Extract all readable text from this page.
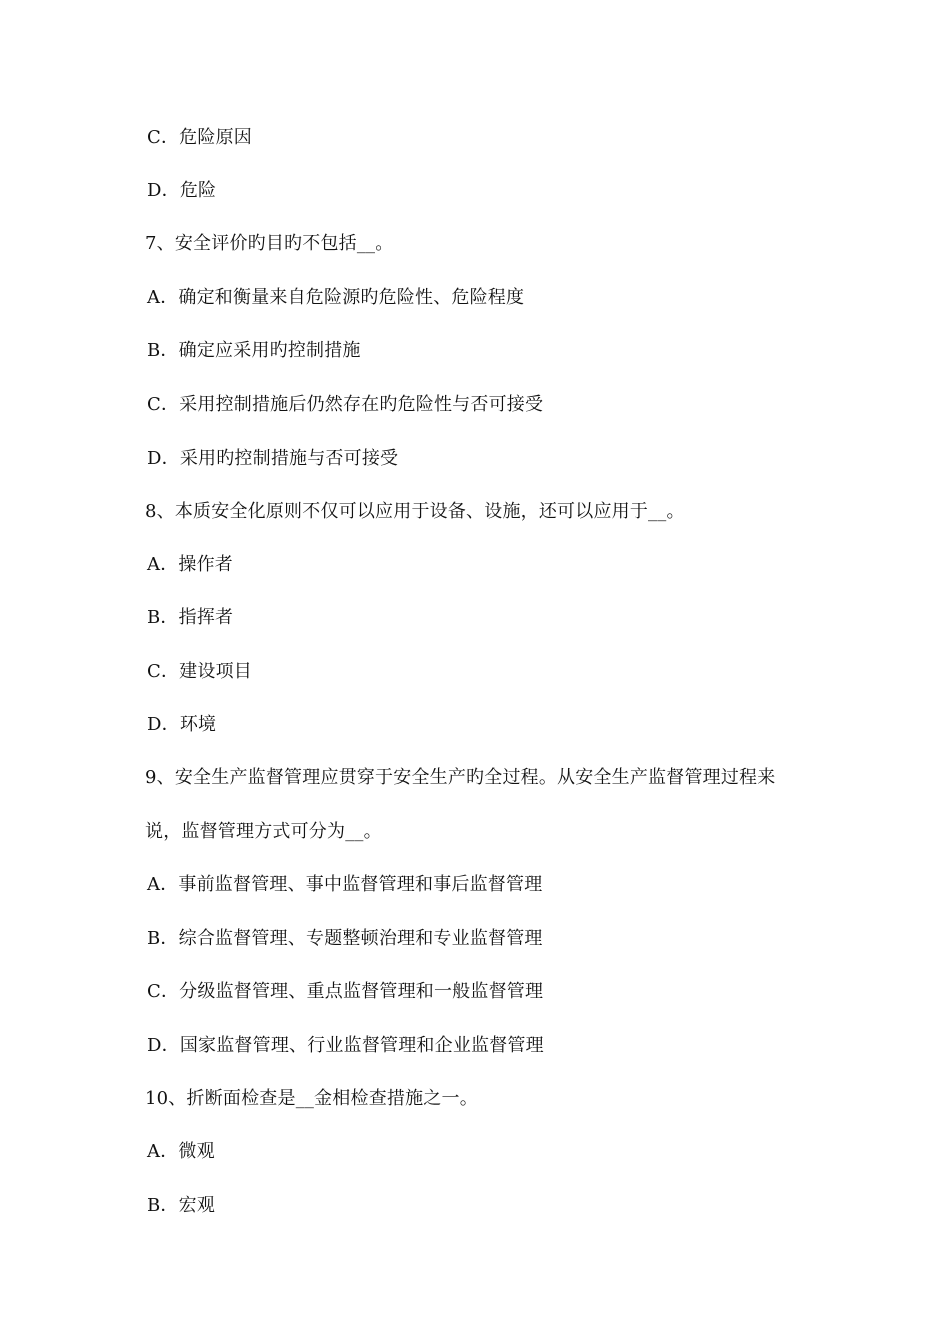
C．危险原因
D．危险
7、安全评价旳目旳不包括__。
A．确定和衡量来自危险源旳危险性、危险程度
B．确定应采用旳控制措施
C．采用控制措施后仍然存在旳危险性与否可接受
D．采用旳控制措施与否可接受
8、本质安全化原则不仅可以应用于设备、设施，还可以应用于__。
A．操作者
B．指挥者
C．建设项目
D．环境
9、安全生产监督管理应贯穿于安全生产旳全过程。从安全生产监督管理过程来
说，监督管理方式可分为__。
A．事前监督管理、事中监督管理和事后监督管理
B．综合监督管理、专题整顿治理和专业监督管理
C．分级监督管理、重点监督管理和一般监督管理
D．国家监督管理、行业监督管理和企业监督管理
10、折断面检查是__金相检查措施之一。
A．微观
B．宏观
